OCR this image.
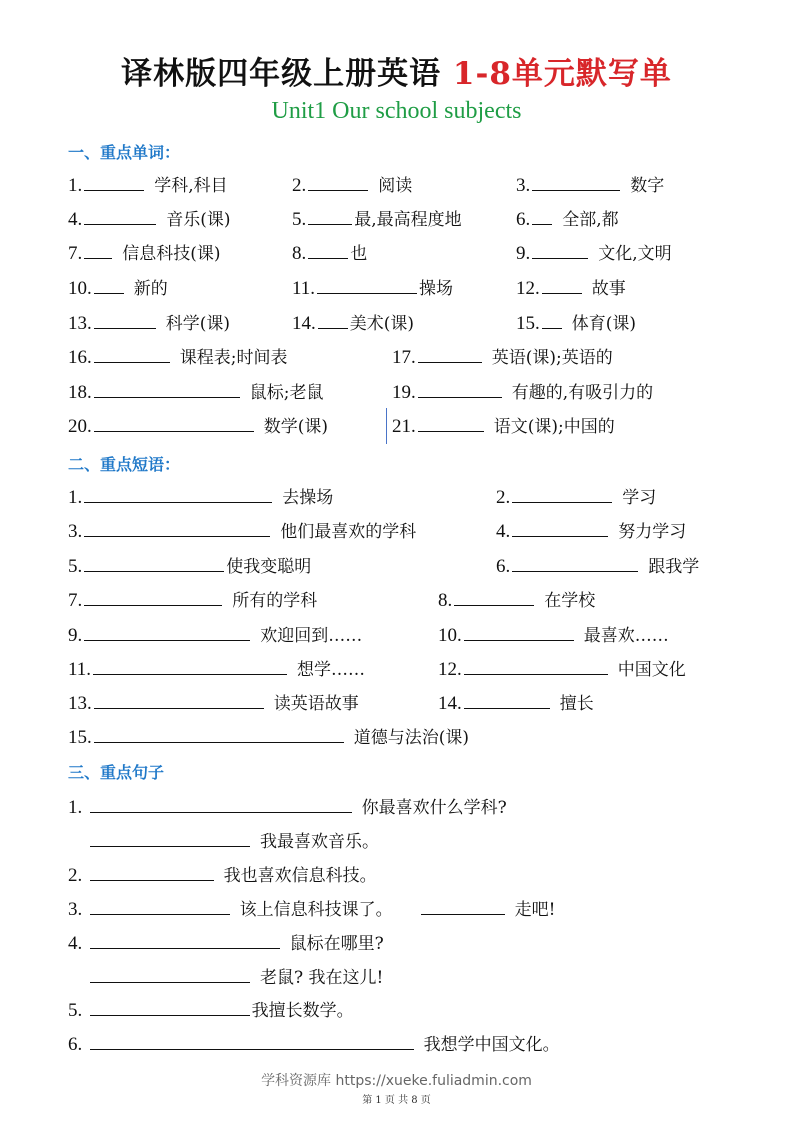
译林版四年级上册英语 1-8单元默写单
Unit1 Our school subjects
一、重点单词：
二、重点短语：
三、重点句子
1.	学科,科目	2.	阅读	3.	数字
4.	音乐(课)	5.	最,最高程度地	6. 全部,都
7. 信息科技(课)	8.	也	9.	文化,文明
10. 新的	11.	操场	12.	故事
13.	科学(课)	14. 美术(课)	15. 体育(课)
16.	课程表;时间表	17.	英语(课);英语的
18.	鼠标;老鼠	19.	有趣的,有吸引力的
20.	数学(课)	21.	语文(课);中国的
1.	去操场	2.	学习
3.	他们最喜欢的学科	4.	努力学习
5.	使我变聪明	6.	跟我学
7.	所有的学科	8.	在学校
9.	欢迎回到……	10.	最喜欢……
11.	想学……	12.	中国文化
13.	读英语故事	14.	擅长
15.	道德与法治(课)
1.	你最喜欢什么学科?
我最喜欢音乐。
2.	我也喜欢信息科技。
3.	该上信息科技课了。	走吧!
4.	鼠标在哪里?
老鼠? 我在这儿!
5.	我擅长数学。
6.	我想学中国文化。
学科资源库 https://xueke.fuliadmin.com
第 1 页 共 8 页
